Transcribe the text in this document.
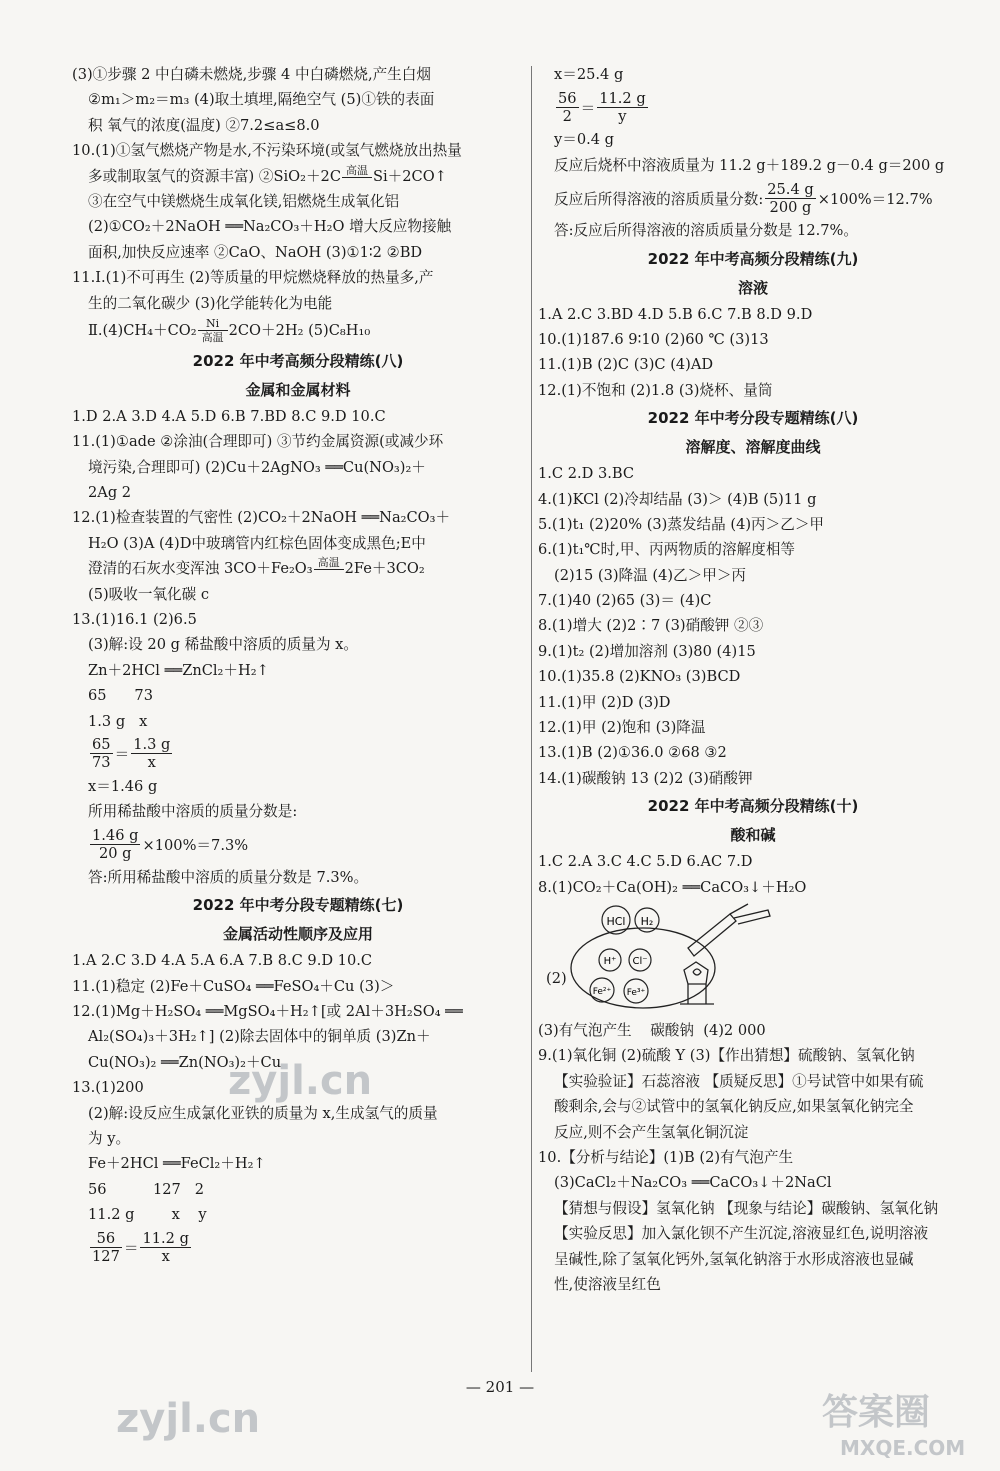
(3)①步骤 2 中白磷未燃烧,步骤 4 中白磷燃烧,产生白烟
②m₁＞m₂＝m₃ (4)取土填埋,隔绝空气 (5)①铁的表面
积 氧气的浓度(温度) ②7.2≤a≤8.0
10.(1)①氢气燃烧产物是水,不污染环境(或氢气燃烧放出热量
多或制取氢气的资源丰富) ②SiO₂＋2C 高温 Si＋2CO↑
③在空气中镁燃烧生成氧化镁,铝燃烧生成氧化铝
(2)①CO₂＋2NaOH ══Na₂CO₃＋H₂O 增大反应物接触
面积,加快反应速率 ②CaO、NaOH (3)①1∶2 ②BD
11.Ⅰ.(1)不可再生 (2)等质量的甲烷燃烧释放的热量多,产
生的二氧化碳少 (3)化学能转化为电能
Ⅱ.(4)CH₄＋CO₂ Ni
高温 2CO＋2H₂ (5)C₈H₁₀
2022 年中考高频分段精练(八)
金属和金属材料
1.D 2.A 3.D 4.A 5.D 6.B 7.BD 8.C 9.D 10.C
11.(1)①ade ②涂油(合理即可) ③节约金属资源(或减少环
境污染,合理即可) (2)Cu＋2AgNO₃ ══Cu(NO₃)₂＋
2Ag 2
12.(1)检查装置的气密性 (2)CO₂＋2NaOH ══Na₂CO₃＋
H₂O (3)A (4)D中玻璃管内红棕色固体变成黑色;E中
澄清的石灰水变浑浊 3CO＋Fe₂O₃ 高温 2Fe＋3CO₂
(5)吸收一氧化碳 c
13.(1)16.1 (2)6.5
(3)解:设 20 g 稀盐酸中溶质的质量为 x。
Zn＋2HCl ══ZnCl₂＋H₂↑
65      73
1.3 g   x
$\frac{65}{73} = \frac{1.3 g}{x}$
x＝1.46 g
所用稀盐酸中溶质的质量分数是:
$\frac{1.46 g}{20 g} \times 100\%=7.3\%$
答:所用稀盐酸中溶质的质量分数是 7.3%。
2022 年中考分段专题精练(七)
金属活动性顺序及应用
1.A 2.C 3.D 4.A 5.A 6.A 7.B 8.C 9.D 10.C
11.(1)稳定 (2)Fe＋CuSO₄ ══FeSO₄＋Cu (3)＞
12.(1)Mg＋H₂SO₄ ══MgSO₄＋H₂↑[或 2Al＋3H₂SO₄ ══
Al₂(SO₄)₃＋3H₂↑] (2)除去固体中的铜单质 (3)Zn＋
Cu(NO₃)₂ ══Zn(NO₃)₂＋Cu
13.(1)200
(2)解:设反应生成氯化亚铁的质量为 x,生成氢气的质量
为 y。
Fe＋2HCl ══FeCl₂＋H₂↑
56          127   2
11.2 g        x    y
$\frac{56}{127} = \frac{11.2 g}{x}$
x＝25.4 g
$\frac{56}{2} = \frac{11.2 g}{y}$
y＝0.4 g
反应后烧杯中溶液质量为 11.2 g＋189.2 g－0.4 g＝200 g
反应后所得溶液的溶质质量分数: $\frac{25.4 g}{200 g} \times 100\%=12.7\%$
答:反应后所得溶液的溶质质量分数是 12.7%。
2022 年中考高频分段精练(九)
溶液
1.A 2.C 3.BD 4.D 5.B 6.C 7.B 8.D 9.D
10.(1)187.6 9∶10 (2)60 ℃ (3)13
11.(1)B (2)C (3)C (4)AD
12.(1)不饱和 (2)1.8 (3)烧杯、量筒
2022 年中考分段专题精练(八)
溶解度、溶解度曲线
1.C 2.D 3.BC
4.(1)KCl (2)冷却结晶 (3)＞ (4)B (5)11 g
5.(1)t₁ (2)20% (3)蒸发结晶 (4)丙＞乙＞甲
6.(1)t₁℃时,甲、丙两物质的溶解度相等
(2)15 (3)降温 (4)乙＞甲＞丙
7.(1)40 (2)65 (3)＝ (4)C
8.(1)增大 (2)2∶7 (3)硝酸钾 ②③
9.(1)t₂ (2)增加溶剂 (3)80 (4)15
10.(1)35.8 (2)KNO₃ (3)BCD
11.(1)甲 (2)D (3)D
12.(1)甲 (2)饱和 (3)降温
13.(1)B (2)①36.0 ②68 ③2
14.(1)碳酸钠 13 (2)2 (3)硝酸钾
2022 年中考高频分段精练(十)
酸和碱
1.C 2.A 3.C 4.C 5.D 6.AC 7.D
8.(1)CO₂＋Ca(OH)₂ ══CaCO₃↓＋H₂O
(2)
HCl H₂
H⁺ Cl⁻
Fe²⁺ Fe³⁺
(3)有气泡产生    碳酸钠  (4)2 000
9.(1)氧化铜 (2)硫酸 Y (3)【作出猜想】硫酸钠、氢氧化钠
【实验验证】石蕊溶液 【质疑反思】①号试管中如果有硫
酸剩余,会与②试管中的氢氧化钠反应,如果氢氧化钠完全
反应,则不会产生氢氧化铜沉淀
10.【分析与结论】(1)B (2)有气泡产生
(3)CaCl₂＋Na₂CO₃ ══CaCO₃↓＋2NaCl
【猜想与假设】氢氧化钠 【现象与结论】碳酸钠、氢氧化钠
【实验反思】加入氯化钡不产生沉淀,溶液显红色,说明溶液
呈碱性,除了氢氧化钙外,氢氧化钠溶于水形成溶液也显碱
性,使溶液呈红色
— 201 —
zyjl.cn
zyjl.cn	答案圈
MXQE.COM
